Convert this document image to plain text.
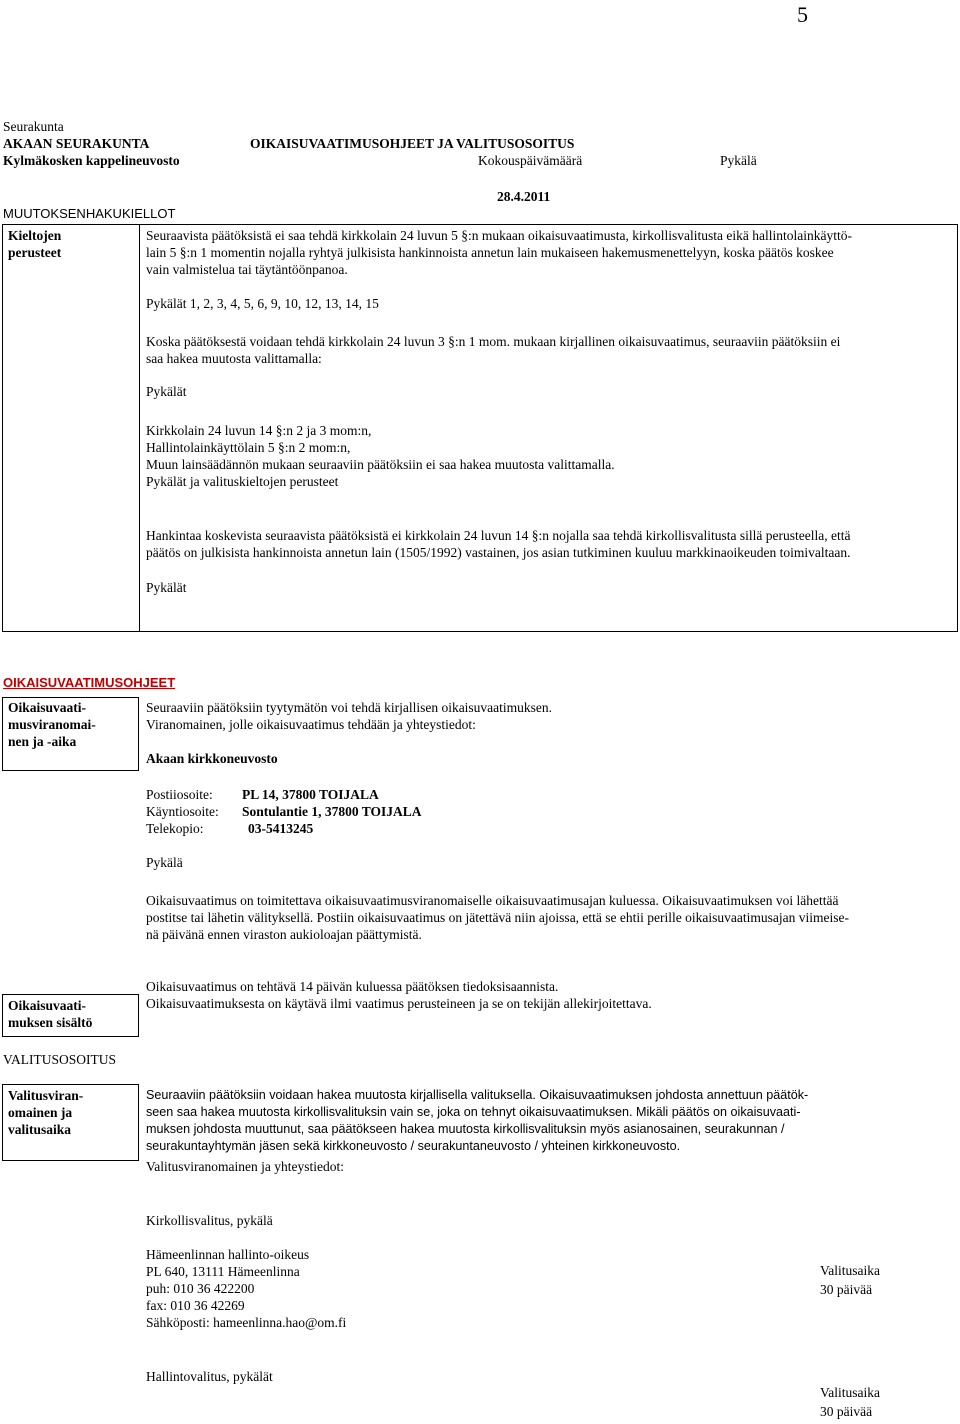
5
Seurakunta
AKAAN SEURAKUNTA
Kylmäkosken kappelineuvosto
OIKAISUVAATIMUSOHJEET JA VALITUSOSOITUS
Kokouspäivämäärä	Pykälä
28.4.2011
MUUTOKSENHAKUKIELLOT
Kieltojen
perusteet
Seuraavista päätöksistä ei saa tehdä kirkkolain 24 luvun 5 §:n mukaan oikaisuvaatimusta, kirkollisvalitusta eikä hallintolainkäyttö-
lain 5 §:n 1 momentin nojalla ryhtyä julkisista hankinnoista annetun lain mukaiseen hakemusmenettelyyn, koska päätös koskee
vain valmistelua tai täytäntöönpanoa.
Pykälät 1, 2, 3, 4, 5, 6, 9, 10, 12, 13, 14, 15
Koska päätöksestä voidaan tehdä kirkkolain 24 luvun 3 §:n 1 mom. mukaan kirjallinen oikaisuvaatimus, seuraaviin päätöksiin ei
saa hakea muutosta valittamalla:
Pykälät
Kirkkolain 24 luvun 14 §:n 2 ja 3 mom:n,
Hallintolainkäyttölain 5 §:n 2 mom:n,
Muun lainsäädännön mukaan seuraaviin päätöksiin ei saa hakea muutosta valittamalla.
Pykälät ja valituskieltojen perusteet
Hankintaa koskevista seuraavista päätöksistä ei kirkkolain 24 luvun 14 §:n nojalla saa tehdä kirkollisvalitusta sillä perusteella, että
päätös on julkisista hankinnoista annetun lain (1505/1992) vastainen, jos asian tutkiminen kuuluu markkinaoikeuden toimivaltaan.
Pykälät
OIKAISUVAATIMUSOHJEET
Oikaisuvaati-
musviranomai-
nen ja -aika
Seuraaviin päätöksiin tyytymätön voi tehdä kirjallisen oikaisuvaatimuksen.
Viranomainen, jolle oikaisuvaatimus tehdään ja yhteystiedot:
Akaan kirkkoneuvosto
Postiiosoite: PL 14, 37800 TOIJALA
Käyntiosoite: Sontulantie 1, 37800 TOIJALA
Telekopio:	03-5413245
Pykälä
Oikaisuvaatimus on toimitettava oikaisuvaatimusviranomaiselle oikaisuvaatimusajan kuluessa. Oikaisuvaatimuksen voi lähettää
postitse tai lähetin välityksellä. Postiin oikaisuvaatimus on jätettävä niin ajoissa, että se ehtii perille oikaisuvaatimusajan viimeise-
nä päivänä ennen viraston aukioloajan päättymistä.
Oikaisuvaatimus on tehtävä 14 päivän kuluessa päätöksen tiedoksisaannista.
Oikaisuvaatimuksesta on käytävä ilmi vaatimus perusteineen ja se on tekijän allekirjoitettava.
Oikaisuvaati-
muksen sisältö
VALITUSOSOITUS
Valitusviran-
omainen ja
valitusaika
Seuraaviin päätöksiin voidaan hakea muutosta kirjallisella valituksella. Oikaisuvaatimuksen johdosta annettuun päätök-
seen saa hakea muutosta kirkollisvalituksin vain se, joka on tehnyt oikaisuvaatimuksen. Mikäli päätös on oikaisuvaati-
muksen johdosta muuttunut, saa päätökseen hakea muutosta kirkollisvalituksin myös asianosainen, seurakunnan /
seurakuntayhtymän jäsen sekä kirkkoneuvosto / seurakuntaneuvosto / yhteinen kirkkoneuvosto.
Valitusviranomainen ja yhteystiedot:
Kirkollisvalitus, pykälä
Hämeenlinnan hallinto-oikeus
PL 640, 13111 Hämeenlinna
puh: 010 36 422200
fax: 010 36 42269
Sähköposti: hameenlinna.hao@om.fi
Valitusaika
30 päivää
Hallintovalitus, pykälät
Valitusaika
30 päivää
